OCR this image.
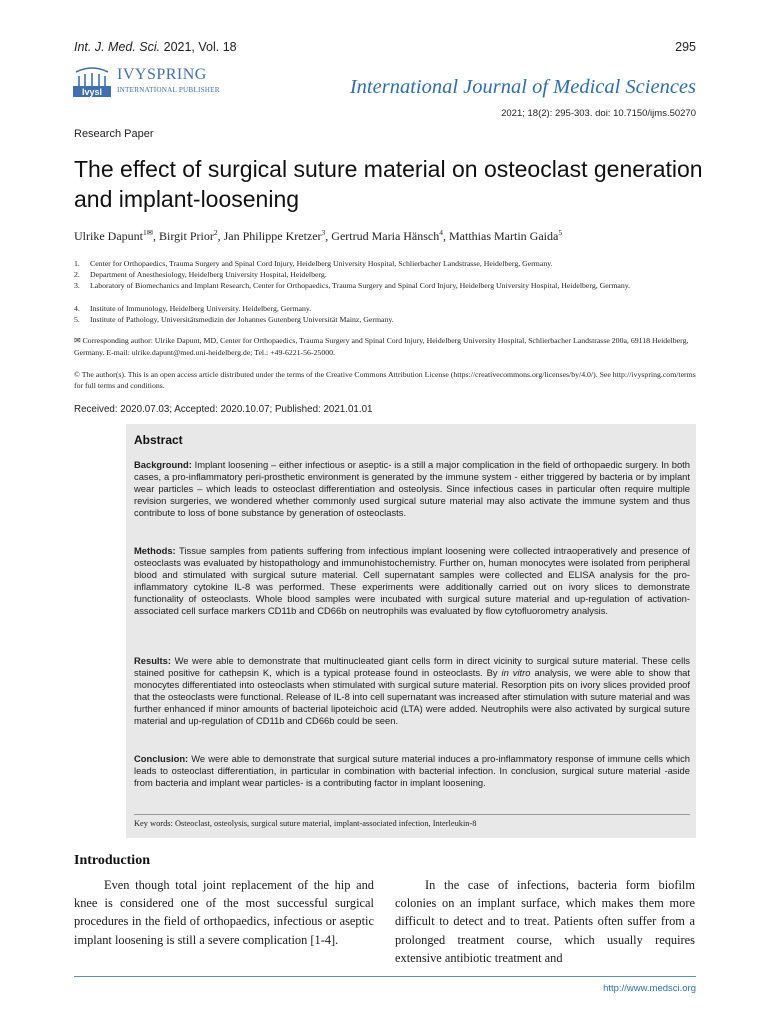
Int. J. Med. Sci. 2021, Vol. 18	295
Ivysl
IVYSPRING
INTERNATIONAL PUBLISHER	International Journal of Medical Sciences
2021; 18(2): 295-303. doi: 10.7150/ijms.50270
Research Paper
The effect of surgical suture material on osteoclast generation and implant-loosening
Ulrike Dapunt$^{1✉}$, Birgit Prior$^2$, Jan Philippe Kretzer$^3$, Gertrud Maria Hänsch$^4$, Matthias Martin Gaida$^5$
1. Center for Orthopaedics, Trauma Surgery and Spinal Cord Injury, Heidelberg University Hospital, Schlierbacher Landstrasse, Heidelberg, Germany.
2. Department of Anesthesiology, Heidelberg University Hospital, Heidelberg.
3. Laboratory of Biomechanics and Implant Research, Center for Orthopaedics, Trauma Surgery and Spinal Cord Injury, Heidelberg University Hospital, Heidelberg, Germany.
4. Institute of Immunology, Heidelberg University. Heidelberg, Germany.
5. Institute of Pathology, Universitätsmedizin der Johannes Gutenberg Universität Mainz, Germany.
✉ Corresponding author: Ulrike Dapunt, MD, Center for Orthopaedics, Trauma Surgery and Spinal Cord Injury, Heidelberg University Hospital, Schlierbacher Landstrasse 200a, 69118 Heidelberg, Germany. E-mail: ulrike.dapunt@med.uni-heidelberg.de; Tel.: +49-6221-56-25000.
© The author(s). This is an open access article distributed under the terms of the Creative Commons Attribution License (https://creativecommons.org/licenses/by/4.0/). See http://ivyspring.com/terms for full terms and conditions.
Received: 2020.07.03; Accepted: 2020.10.07; Published: 2021.01.01
Abstract

Background: Implant loosening – either infectious or aseptic- is a still a major complication in the field of orthopaedic surgery. In both cases, a pro-inflammatory peri-prosthetic environment is generated by the immune system - either triggered by bacteria or by implant wear particles – which leads to osteoclast differentiation and osteolysis. Since infectious cases in particular often require multiple revision surgeries, we wondered whether commonly used surgical suture material may also activate the immune system and thus contribute to loss of bone substance by generation of osteoclasts.

Methods: Tissue samples from patients suffering from infectious implant loosening were collected intraoperatively and presence of osteoclasts was evaluated by histopathology and immunohistochemistry. Further on, human monocytes were isolated from peripheral blood and stimulated with surgical suture material. Cell supernatant samples were collected and ELISA analysis for the pro-inflammatory cytokine IL-8 was performed. These experiments were additionally carried out on ivory slices to demonstrate functionality of osteoclasts. Whole blood samples were incubated with surgical suture material and up-regulation of activation-associated cell surface markers CD11b and CD66b on neutrophils was evaluated by flow cytofluorometry analysis.

Results: We were able to demonstrate that multinucleated giant cells form in direct vicinity to surgical suture material. These cells stained positive for cathepsin K, which is a typical protease found in osteoclasts. By in vitro analysis, we were able to show that monocytes differentiated into osteoclasts when stimulated with surgical suture material. Resorption pits on ivory slices provided proof that the osteoclasts were functional. Release of IL-8 into cell supernatant was increased after stimulation with suture material and was further enhanced if minor amounts of bacterial lipoteichoic acid (LTA) were added. Neutrophils were also activated by surgical suture material and up-regulation of CD11b and CD66b could be seen.

Conclusion: We were able to demonstrate that surgical suture material induces a pro-inflammatory response of immune cells which leads to osteoclast differentiation, in particular in combination with bacterial infection. In conclusion, surgical suture material -aside from bacteria and implant wear particles- is a contributing factor in implant loosening.

Key words: Osteoclast, osteolysis, surgical suture material, implant-associated infection, Interleukin-8
Introduction

Even though total joint replacement of the hip and knee is considered one of the most successful surgical procedures in the field of orthopaedics, infectious or aseptic implant loosening is still a severe complication [1-4].

In the case of infections, bacteria form biofilm colonies on an implant surface, which makes them more difficult to detect and to treat. Patients often suffer from a prolonged treatment course, which usually requires extensive antibiotic treatment and

http://www.medsci.org
